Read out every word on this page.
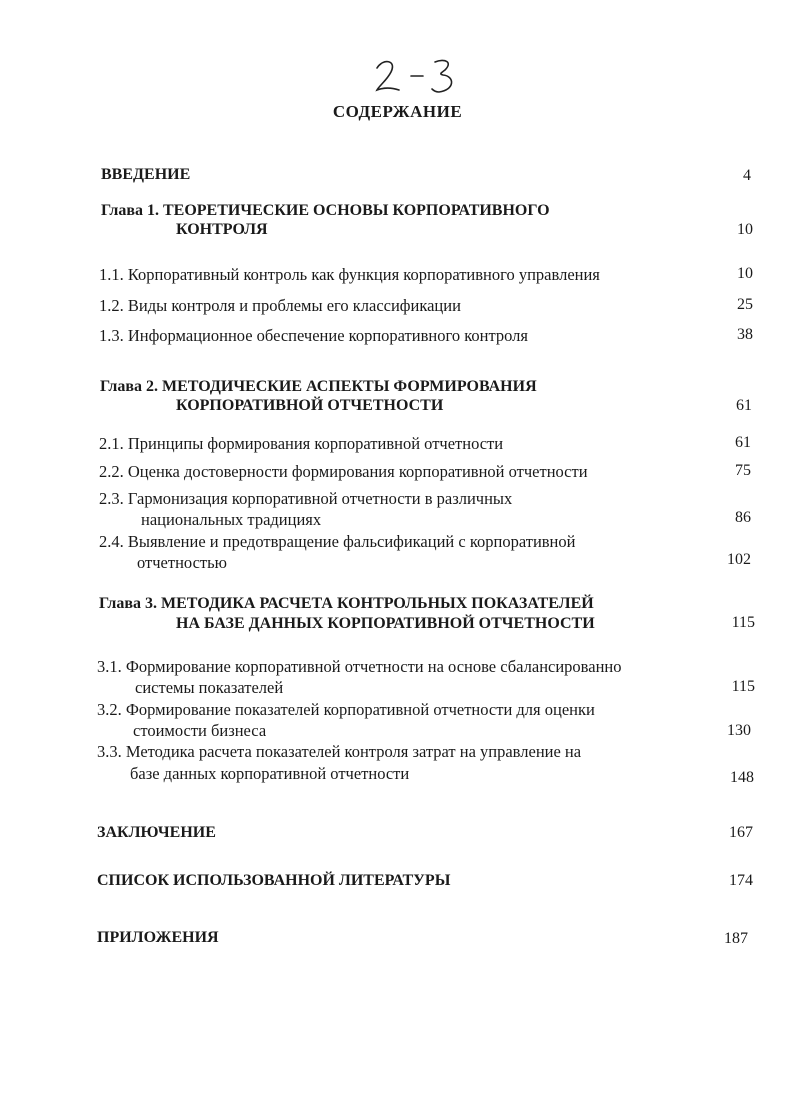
СОДЕРЖАНИЕ
ВВЕДЕНИЕ	4
Глава 1. ТЕОРЕТИЧЕСКИЕ ОСНОВЫ КОРПОРАТИВНОГО
КОНТРОЛЯ	10
1.1. Корпоративный контроль как функция корпоративного управления	10
1.2. Виды контроля и проблемы его классификации	25
1.3. Информационное обеспечение корпоративного контроля	38
Глава 2. МЕТОДИЧЕСКИЕ АСПЕКТЫ ФОРМИРОВАНИЯ
КОРПОРАТИВНОЙ ОТЧЕТНОСТИ	61
2.1. Принципы формирования корпоративной отчетности	61
2.2. Оценка достоверности формирования корпоративной отчетности	75
2.3. Гармонизация корпоративной отчетности в различных
национальных традициях	86
2.4. Выявление и предотвращение фальсификаций с корпоративной
отчетностью	102
Глава 3. МЕТОДИКА РАСЧЕТА КОНТРОЛЬНЫХ ПОКАЗАТЕЛЕЙ
НА БАЗЕ ДАННЫХ КОРПОРАТИВНОЙ ОТЧЕТНОСТИ	115
3.1. Формирование корпоративной отчетности на основе сбалансированно
системы показателей	115
3.2. Формирование показателей корпоративной отчетности для оценки
стоимости бизнеса	130
3.3. Методика расчета показателей контроля затрат на управление на
базе данных корпоративной отчетности	148
ЗАКЛЮЧЕНИЕ	167
СПИСОК ИСПОЛЬЗОВАННОЙ ЛИТЕРАТУРЫ	174
ПРИЛОЖЕНИЯ	187
